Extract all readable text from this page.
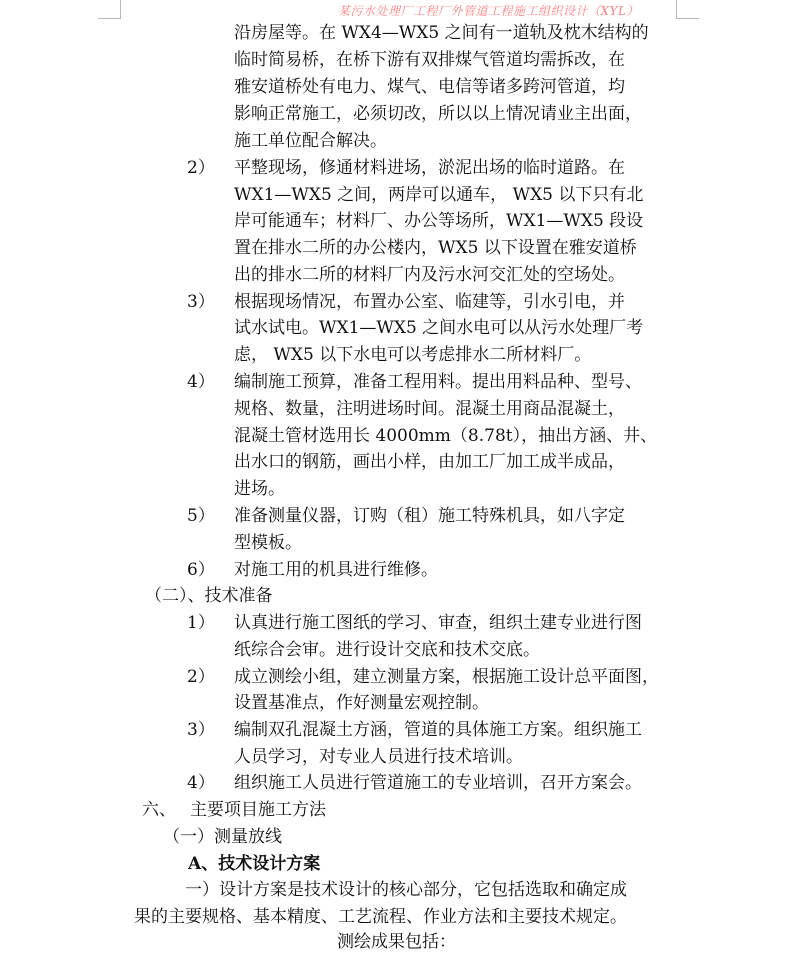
某污水处理厂工程厂外管道工程施工组织设计（XYL）
沿房屋等。在 WX4—WX5 之间有一道轨及枕木结构的
临时简易桥，在桥下游有双排煤气管道均需拆改，在
雅安道桥处有电力、煤气、电信等诸多跨河管道，均
影响正常施工，必须切改，所以以上情况请业主出面，
施工单位配合解决。
2） 平整现场，修通材料进场，淤泥出场的临时道路。在
WX1—WX5 之间，两岸可以通车， WX5 以下只有北
岸可能通车；材料厂、办公等场所，WX1—WX5 段设
置在排水二所的办公楼内，WX5 以下设置在雅安道桥
出的排水二所的材料厂内及污水河交汇处的空场处。
3） 根据现场情况，布置办公室、临建等，引水引电，并
试水试电。WX1—WX5 之间水电可以从污水处理厂考
虑， WX5 以下水电可以考虑排水二所材料厂。
4） 编制施工预算，准备工程用料。提出用料品种、型号、
规格、数量，注明进场时间。混凝土用商品混凝土，
混凝土管材选用长 4000mm（8.78t），抽出方涵、井、
出水口的钢筋，画出小样，由加工厂加工成半成品，
进场。
5） 准备测量仪器，订购（租）施工特殊机具，如八字定
型模板。
6） 对施工用的机具进行维修。
（二）、技术准备
1） 认真进行施工图纸的学习、审查，组织土建专业进行图
纸综合会审。进行设计交底和技术交底。
2） 成立测绘小组，建立测量方案，根据施工设计总平面图，
设置基准点，作好测量宏观控制。
3） 编制双孔混凝土方涵，管道的具体施工方案。组织施工
人员学习，对专业人员进行技术培训。
4） 组织施工人员进行管道施工的专业培训，召开方案会。
六、 主要项目施工方法
（一）测量放线
A、技术设计方案
一）设计方案是技术设计的核心部分，它包括选取和确定成
果的主要规格、基本精度、工艺流程、作业方法和主要技术规定。
测绘成果包括：
